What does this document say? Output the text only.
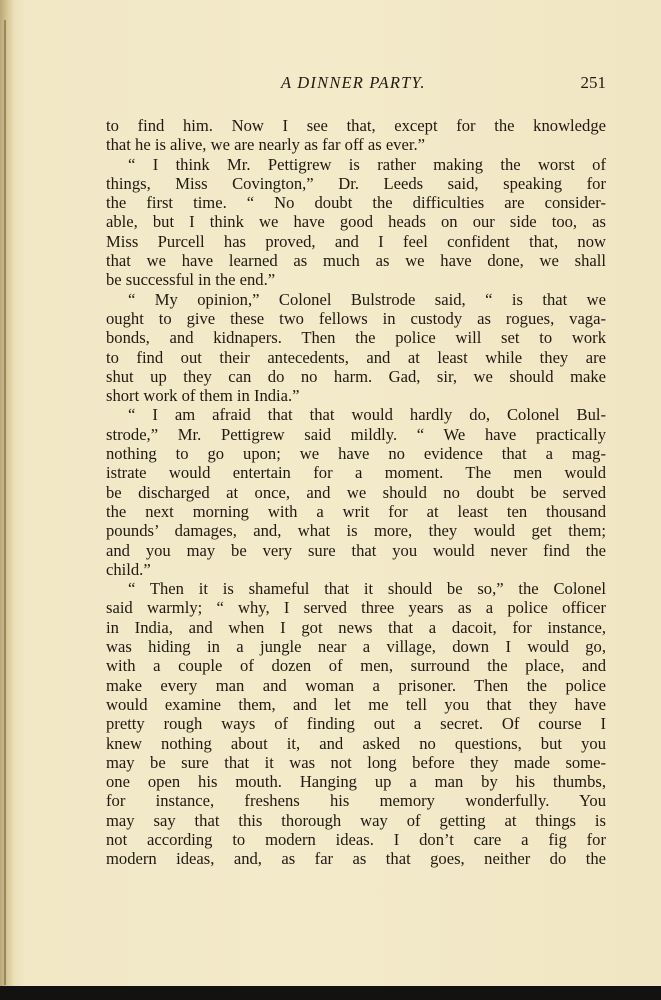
A DINNER PARTY.	251
to find him. Now I see that, except for the knowledge
that he is alive, we are nearly as far off as ever.”
“ I think Mr. Pettigrew is rather making the worst of
things, Miss Covington,” Dr. Leeds said, speaking for
the first time. “ No doubt the difficulties are consider-
able, but I think we have good heads on our side too, as
Miss Purcell has proved, and I feel confident that, now
that we have learned as much as we have done, we shall
be successful in the end.”
“ My opinion,” Colonel Bulstrode said, “ is that we
ought to give these two fellows in custody as rogues, vaga-
bonds, and kidnapers. Then the police will set to work
to find out their antecedents, and at least while they are
shut up they can do no harm. Gad, sir, we should make
short work of them in India.”
“ I am afraid that that would hardly do, Colonel Bul-
strode,” Mr. Pettigrew said mildly. “ We have practically
nothing to go upon; we have no evidence that a mag-
istrate would entertain for a moment. The men would
be discharged at once, and we should no doubt be served
the next morning with a writ for at least ten thousand
pounds’ damages, and, what is more, they would get them;
and you may be very sure that you would never find the
child.”
“ Then it is shameful that it should be so,” the Colonel
said warmly; “ why, I served three years as a police officer
in India, and when I got news that a dacoit, for instance,
was hiding in a jungle near a village, down I would go,
with a couple of dozen of men, surround the place, and
make every man and woman a prisoner. Then the police
would examine them, and let me tell you that they have
pretty rough ways of finding out a secret. Of course I
knew nothing about it, and asked no questions, but you
may be sure that it was not long before they made some-
one open his mouth. Hanging up a man by his thumbs,
for instance, freshens his memory wonderfully. You
may say that this thorough way of getting at things is
not according to modern ideas. I don’t care a fig for
modern ideas, and, as far as that goes, neither do the
